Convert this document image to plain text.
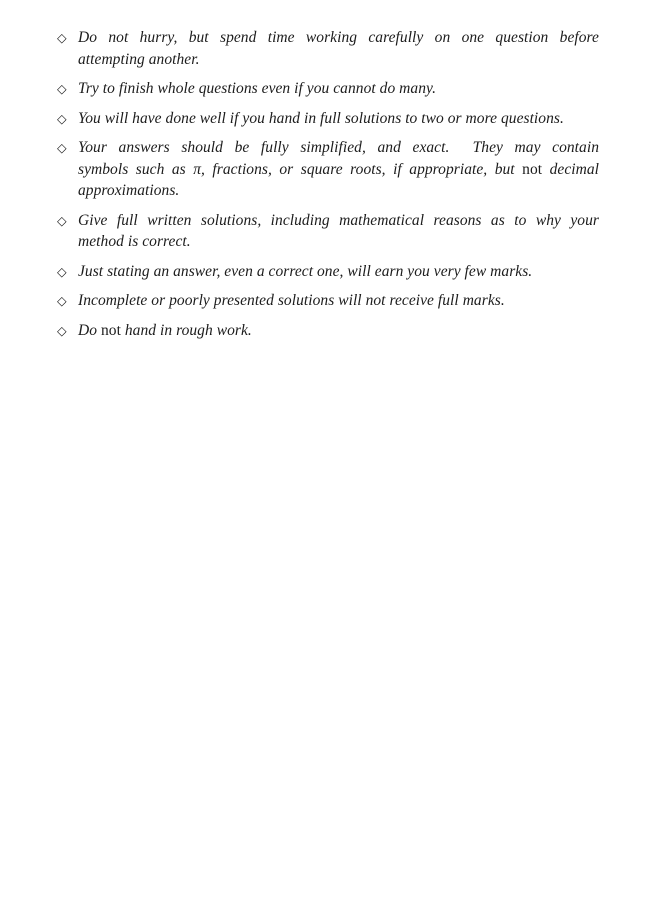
◇ Do not hurry, but spend time working carefully on one question before
attempting another.
◇ Try to finish whole questions even if you cannot do many.
◇ You will have done well if you hand in full solutions to two or more questions.
◇ Your answers should be fully simplified, and exact.  They may contain
symbols such as π, fractions, or square roots, if appropriate, but not decimal
approximations.
◇ Give full written solutions, including mathematical reasons as to why your
method is correct.
◇ Just stating an answer, even a correct one, will earn you very few marks.
◇ Incomplete or poorly presented solutions will not receive full marks.
◇ Do not hand in rough work.
